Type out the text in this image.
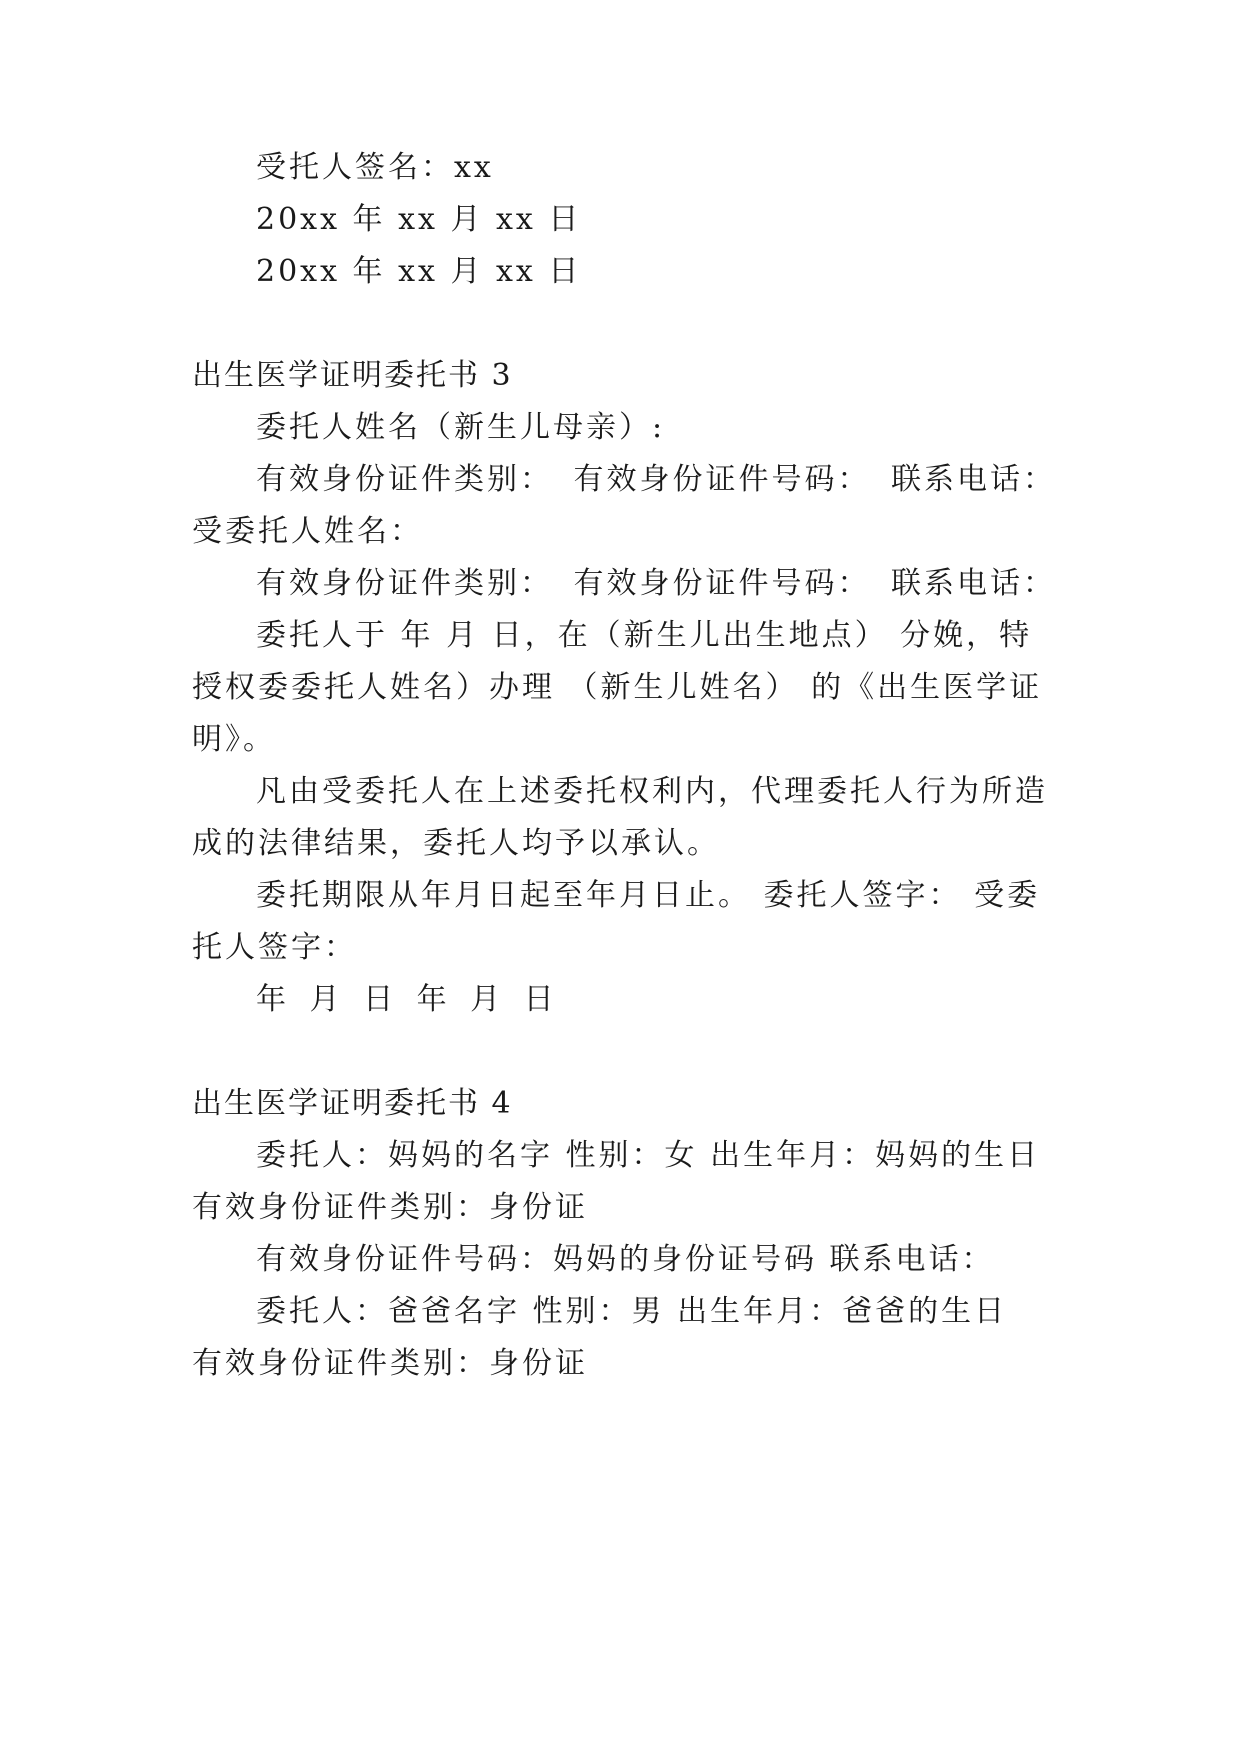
受托人签名：xx
20xx 年 xx 月 xx 日
20xx 年 xx 月 xx 日
出生医学证明委托书 3
委托人姓名（新生儿母亲）:
有效身份证件类别： 有效身份证件号码： 联系电话：
受委托人姓名：
有效身份证件类别： 有效身份证件号码： 联系电话：
委托人于 年 月 日，在（新生儿出生地点） 分娩，特
授权委委托人姓名）办理 （新生儿姓名） 的《出生医学证
明》。
凡由受委托人在上述委托权利内，代理委托人行为所造
成的法律结果，委托人均予以承认。
委托期限从年月日起至年月日止。 委托人签字： 受委
托人签字：
年 月 日 年 月 日
出生医学证明委托书 4
委托人：妈妈的名字 性别：女 出生年月：妈妈的生日
有效身份证件类别：身份证
有效身份证件号码：妈妈的身份证号码 联系电话：
委托人：爸爸名字 性别：男 出生年月：爸爸的生日
有效身份证件类别：身份证
